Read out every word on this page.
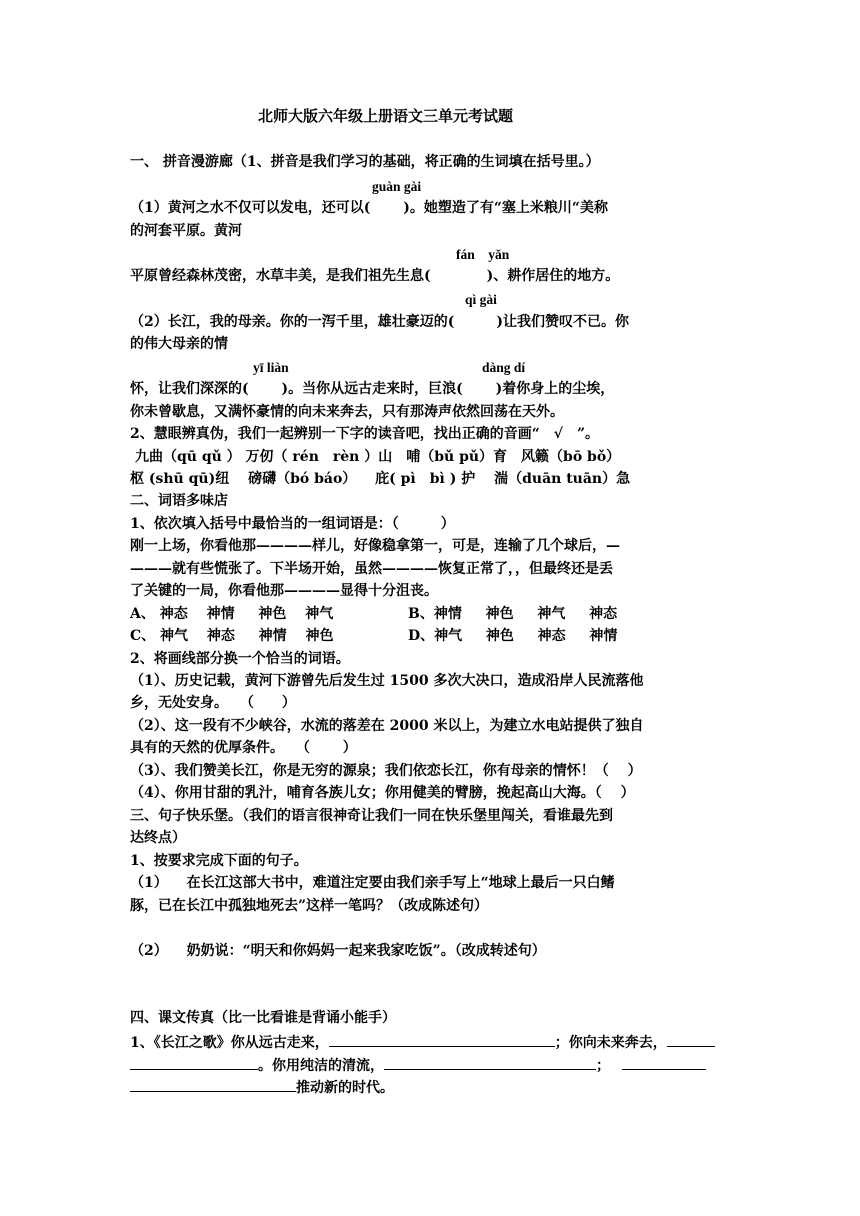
北师大版六年级上册语文三单元考试题
一、 拼音漫游廊（1、拼音是我们学习的基础，将正确的生词填在括号里。）
guàn gài
（1）黄河之水不仅可以发电，还可以(　　 )。她塑造了有“塞上米粮川“美称
的河套平原。黄河
fán　yǎn
平原曾经森林茂密，水草丰美，是我们祖先生息(　　　　)、耕作居住的地方。
qì gài
（2）长江，我的母亲。你的一泻千里，雄壮豪迈的(　　　)让我们赞叹不已。你
的伟大母亲的情
yī liàn	dàng dí
怀，让我们深深的(　　 )。当你从远古走来时，巨浪(　　 )着你身上的尘埃，
你未曾歇息，又满怀豪情的向未来奔去，只有那涛声依然回荡在天外。
2、慧眼辨真伪，我们一起辨别一下字的读音吧，找出正确的音画“　√　”。
九曲（qū qǔ ） 万仞（ rén　rèn ）山　哺（bǔ pǔ）育　风籁（bō bǒ）
枢 (shū qū)纽　 磅礴（bó báo） 　庇( pì　bì ) 护　 湍（duān tuān）急
二、词语多味店
1、依次填入括号中最恰当的一组词语是：（　　　）
刚一上场，你看他那————样儿，好像稳拿第一，可是，连输了几个球后，—
———就有些慌张了。下半场开始，虽然————恢复正常了，，但最终还是丢
了关键的一局，你看他那————显得十分沮丧。
A、 神态 　神情 　 神色 　神气	B、神情 　 神色 　 神气 　 神态
C、 神气 　神态 　 神情 　神色	D、神气 　 神色 　 神态 　 神情
2、将画线部分换一个恰当的词语。
（1）、历史记载，黄河下游曾先后发生过 1500 多次大决口，造成沿岸人民流落他
乡，无处安身。 　（　　）
（2）、这一段有不少峡谷，水流的落差在 2000 米以上，为建立水电站提供了独自
具有的天然的优厚条件。 　（　　 ）
（3）、我们赞美长江，你是无穷的源泉；我们依恋长江，你有母亲的情怀！（　 ）
（4）、你用甘甜的乳汁，哺育各族儿女；你用健美的臂膀，挽起高山大海。（　 ）
三、句子快乐堡。（我们的语言很神奇让我们一同在快乐堡里闯关，看谁最先到
达终点）
1、按要求完成下面的句子。
（1） 　在长江这部大书中，难道注定要由我们亲手写上“地球上最后一只白鳍
豚，已在长江中孤独地死去”这样一笔吗？（改成陈述句）
（2） 　奶奶说：“明天和你妈妈一起来我家吃饭”。（改成转述句）
四、课文传真（比一比看谁是背诵小能手）
1、《长江之歌》你从远古走来，	；你向未来奔去，
。你用纯洁的清流，	；
推动新的时代。
